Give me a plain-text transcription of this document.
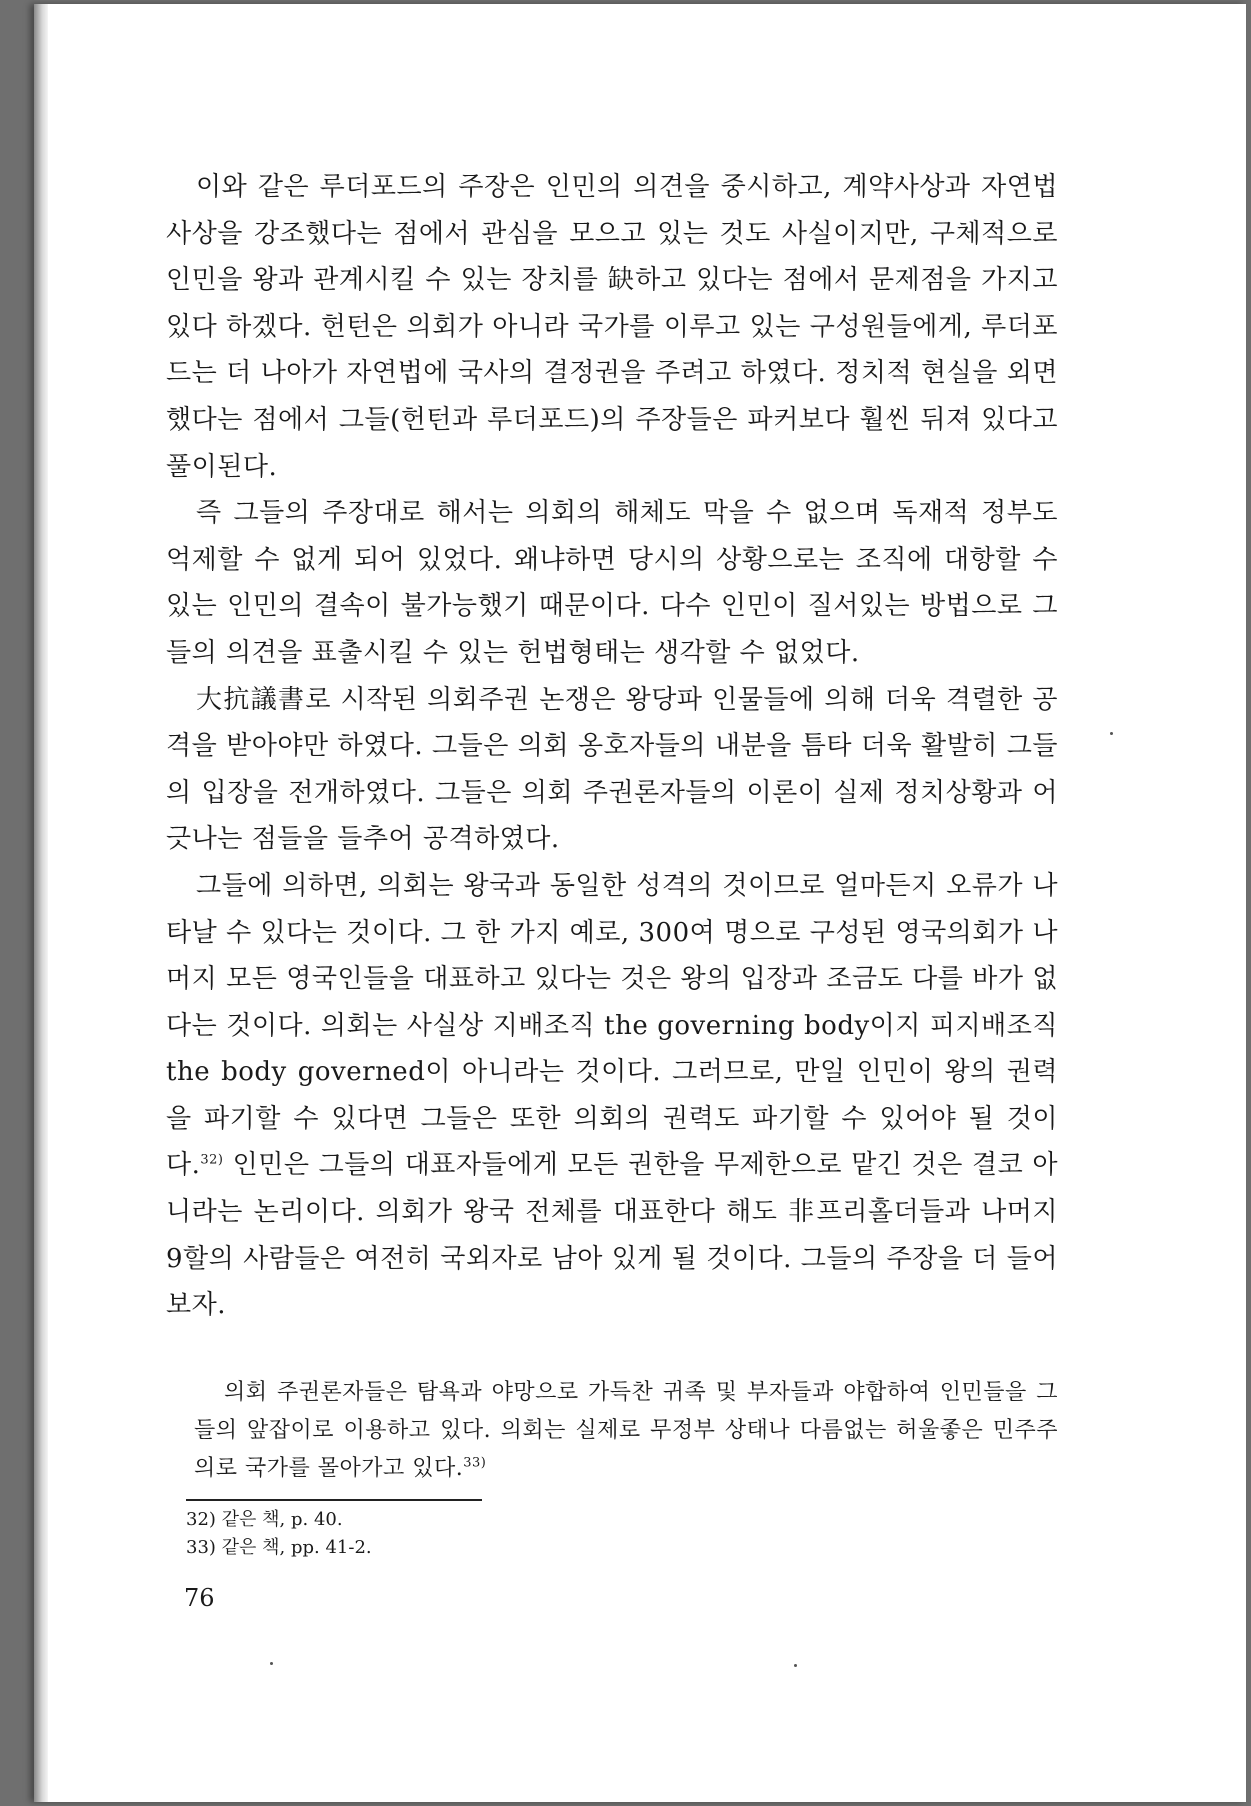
이와 같은 루더포드의 주장은 인민의 의견을 중시하고, 계약사상과 자연법사상을 강조했다는 점에서 관심을 모으고 있는 것도 사실이지만, 구체적으로 인민을 왕과 관계시킬 수 있는 장치를 缺하고 있다는 점에서 문제점을 가지고 있다 하겠다. 헌턴은 의회가 아니라 국가를 이루고 있는 구성원들에게, 루더포드는 더 나아가 자연법에 국사의 결정권을 주려고 하였다. 정치적 현실을 외면했다는 점에서 그들(헌턴과 루더포드)의 주장들은 파커보다 훨씬 뒤져 있다고 풀이된다.

즉 그들의 주장대로 해서는 의회의 해체도 막을 수 없으며 독재적 정부도 억제할 수 없게 되어 있었다. 왜냐하면 당시의 상황으로는 조직에 대항할 수 있는 인민의 결속이 불가능했기 때문이다. 다수 인민이 질서있는 방법으로 그들의 의견을 표출시킬 수 있는 헌법형태는 생각할 수 없었다.

大抗議書로 시작된 의회주권 논쟁은 왕당파 인물들에 의해 더욱 격렬한 공격을 받아야만 하였다. 그들은 의회 옹호자들의 내분을 틈타 더욱 활발히 그들의 입장을 전개하였다. 그들은 의회 주권론자들의 이론이 실제 정치상황과 어긋나는 점들을 들추어 공격하였다.

그들에 의하면, 의회는 왕국과 동일한 성격의 것이므로 얼마든지 오류가 나타날 수 있다는 것이다. 그 한 가지 예로, 300여 명으로 구성된 영국의회가 나머지 모든 영국인들을 대표하고 있다는 것은 왕의 입장과 조금도 다를 바가 없다는 것이다. 의회는 사실상 지배조직 the governing body이지 피지배조직 the body governed이 아니라는 것이다. 그러므로, 만일 인민이 왕의 권력을 파기할 수 있다면 그들은 또한 의회의 권력도 파기할 수 있어야 될 것이다.$^{32)}$ 인민은 그들의 대표자들에게 모든 권한을 무제한으로 맡긴 것은 결코 아니라는 논리이다. 의회가 왕국 전체를 대표한다 해도 非프리홀더들과 나머지 9할의 사람들은 여전히 국외자로 남아 있게 될 것이다. 그들의 주장을 더 들어 보자.

의회 주권론자들은 탐욕과 야망으로 가득찬 귀족 및 부자들과 야합하여 인민들을 그들의 앞잡이로 이용하고 있다. 의회는 실제로 무정부 상태나 다름없는 허울좋은 민주주의로 국가를 몰아가고 있다.$^{33)}$

32) 같은 책, p. 40.
33) 같은 책, pp. 41-2.
76
